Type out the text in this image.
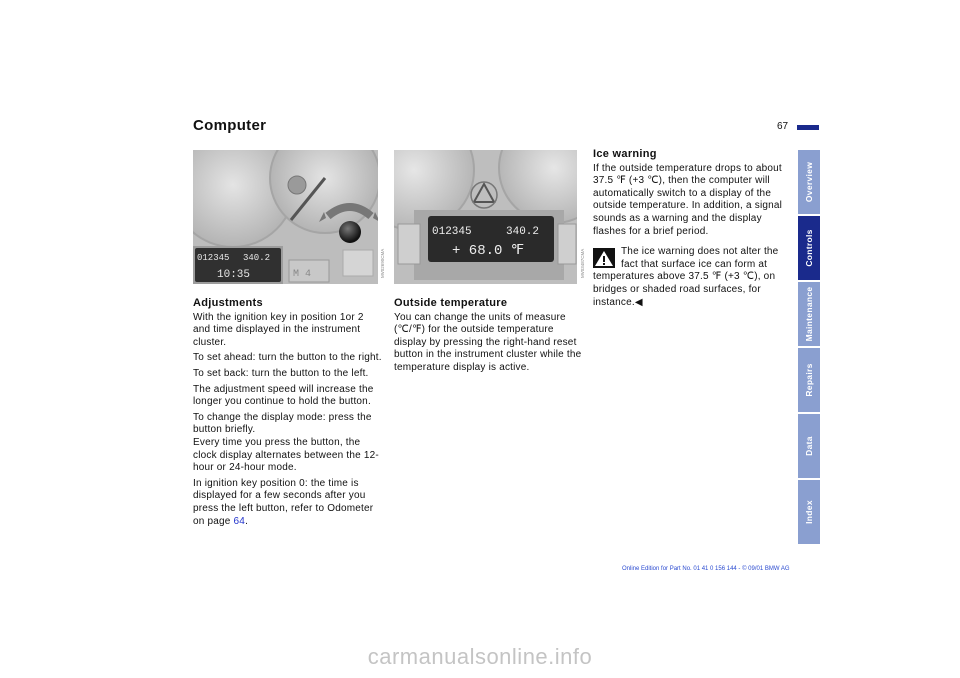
Computer	67
M 4
012345 340.2
10:35	MV02690CMA
012345	340.2
+ 68.0 ℉	MV03487CMA
Adjustments

With the ignition key in position 1or 2 and time displayed in the instrument cluster.

To set ahead: turn the button to the right.

To set back: turn the button to the left.

The adjustment speed will increase the longer you continue to hold the button.

To change the display mode: press the button briefly.
Every time you press the button, the clock display alternates between the 12-hour or 24-hour mode.

In ignition key position 0: the time is displayed for a few seconds after you press the left button, refer to Odometer on page 64.

Outside temperature

You can change the units of measure (℃/℉) for the outside temperature display by pressing the right-hand reset button in the instrument cluster while the temperature display is active.

Ice warning

If the outside temperature drops to about 37.5 ℉ (+3 ℃), then the computer will automatically switch to a display of the outside temperature. In addition, a signal sounds as a warning and the display flashes for a brief period.

The ice warning does not alter the fact that surface ice can form at temperatures above 37.5 ℉ (+3 ℃), on bridges or shaded road surfaces, for instance.◀

Overview
Controls
Maintenance
Repairs
Data
Index
Online Edition for Part No. 01 41 0 156 144 - © 09/01 BMW AG
carmanualsonline.info
